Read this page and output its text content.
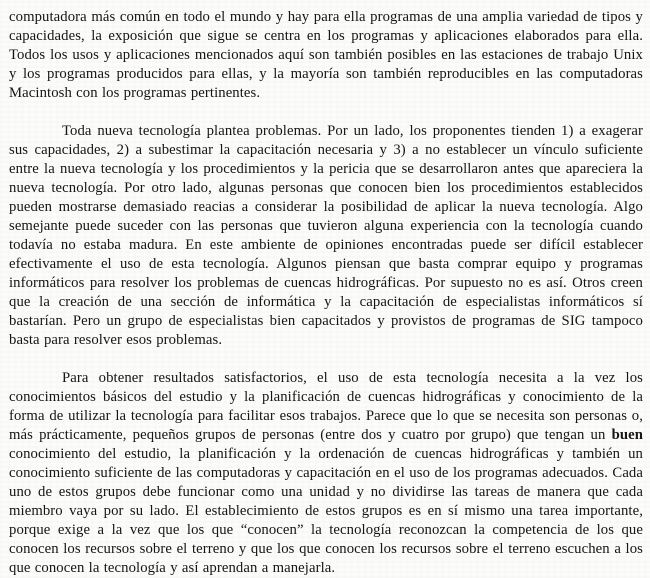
computadora más común en todo el mundo y hay para ella programas de una amplia variedad de tipos y capacidades, la exposición que sigue se centra en los programas y aplicaciones elaborados para ella. Todos los usos y aplicaciones mencionados aquí son también posibles en las estaciones de trabajo Unix y los programas producidos para ellas, y la mayoría son también reproducibles en las computadoras Macintosh con los programas pertinentes.

Toda nueva tecnología plantea problemas. Por un lado, los proponentes tienden 1) a exagerar sus capacidades, 2) a subestimar la capacitación necesaria y 3) a no establecer un vínculo suficiente entre la nueva tecnología y los procedimientos y la pericia que se desarrollaron antes que apareciera la nueva tecnología. Por otro lado, algunas personas que conocen bien los procedimientos establecidos pueden mostrarse demasiado reacias a considerar la posibilidad de aplicar la nueva tecnología. Algo semejante puede suceder con las personas que tuvieron alguna experiencia con la tecnología cuando todavía no estaba madura. En este ambiente de opiniones encontradas puede ser difícil establecer efectivamente el uso de esta tecnología. Algunos piensan que basta comprar equipo y programas informáticos para resolver los problemas de cuencas hidrográficas. Por supuesto no es así. Otros creen que la creación de una sección de informática y la capacitación de especialistas informáticos sí bastarían. Pero un grupo de especialistas bien capacitados y provistos de programas de SIG tampoco basta para resolver esos problemas.

Para obtener resultados satisfactorios, el uso de esta tecnología necesita a la vez los conocimientos básicos del estudio y la planificación de cuencas hidrográficas y conocimiento de la forma de utilizar la tecnología para facilitar esos trabajos. Parece que lo que se necesita son personas o, más prácticamente, pequeños grupos de personas (entre dos y cuatro por grupo) que tengan un buen conocimiento del estudio, la planificación y la ordenación de cuencas hidrográficas y también un conocimiento suficiente de las computadoras y capacitación en el uso de los programas adecuados. Cada uno de estos grupos debe funcionar como una unidad y no dividirse las tareas de manera que cada miembro vaya por su lado. El establecimiento de estos grupos es en sí mismo una tarea importante, porque exige a la vez que los que “conocen” la tecnología reconozcan la competencia de los que conocen los recursos sobre el terreno y que los que conocen los recursos sobre el terreno escuchen a los que conocen la tecnología y así aprendan a manejarla.
